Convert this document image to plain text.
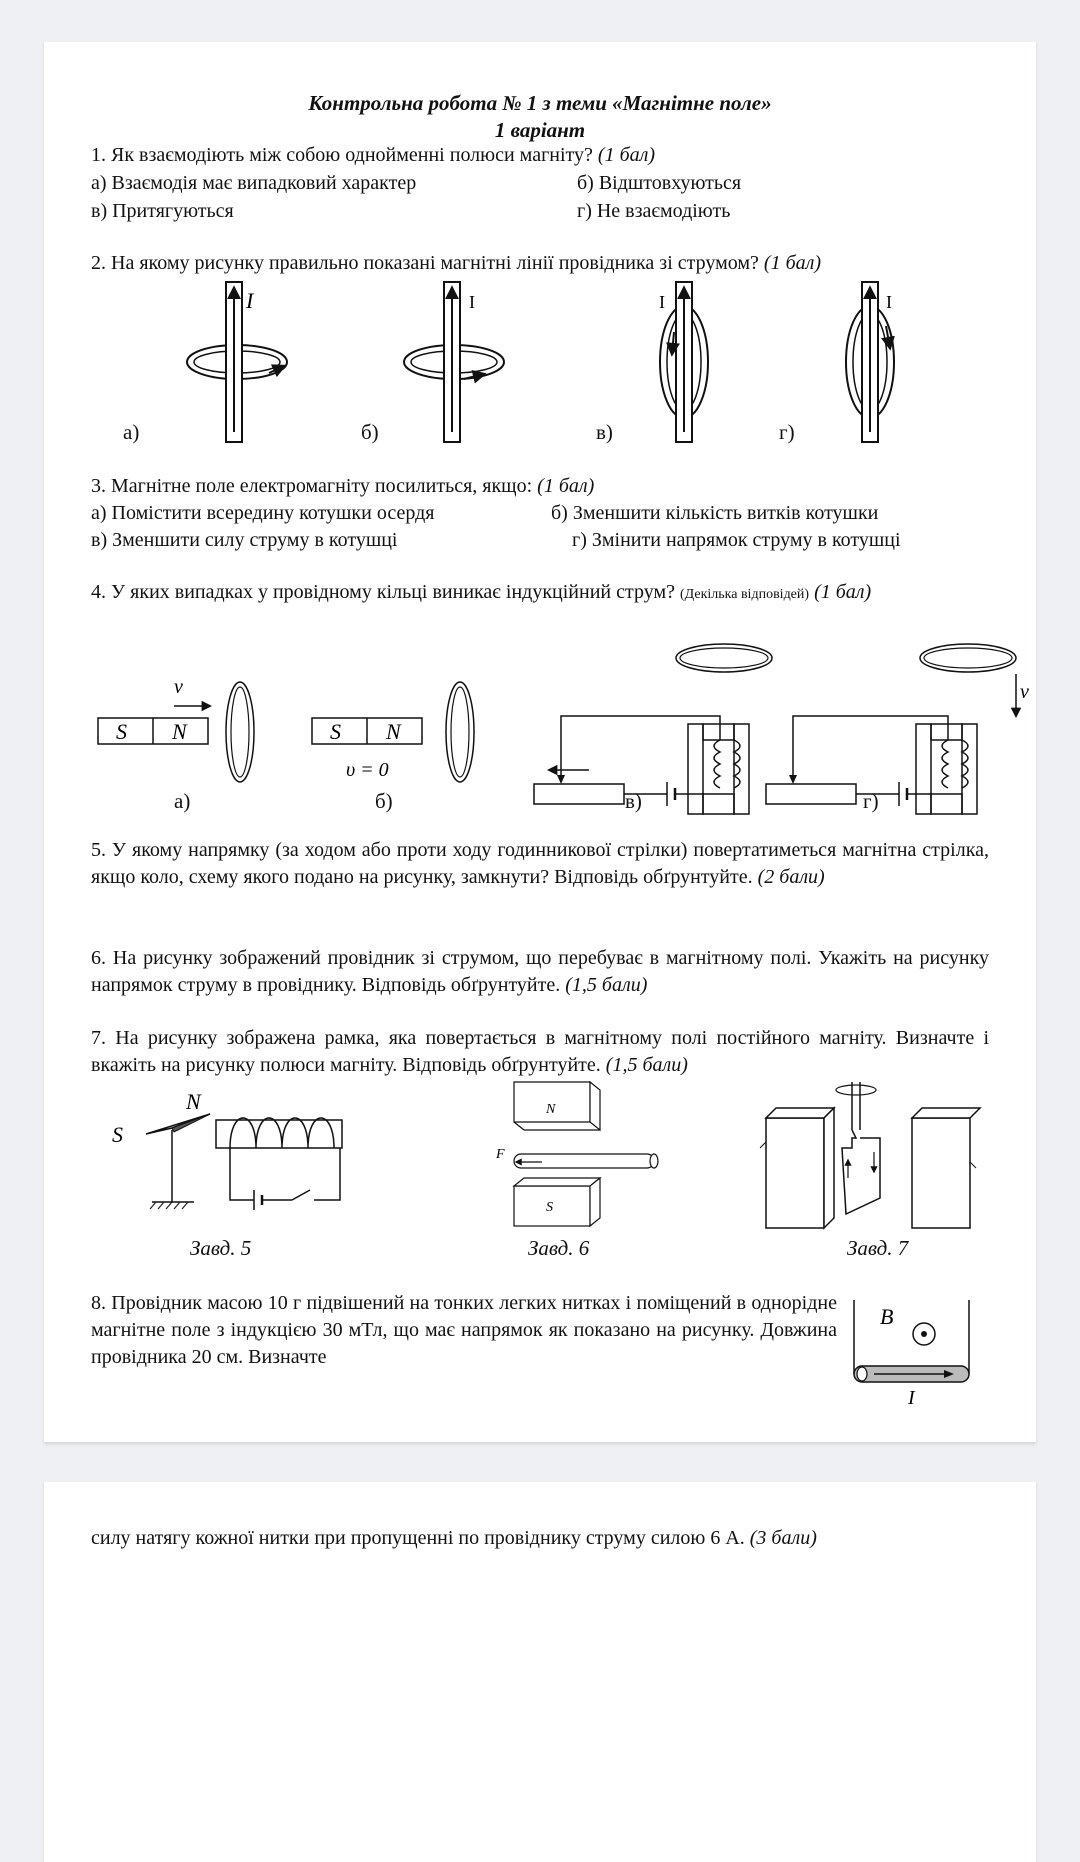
Контрольна робота № 1 з теми «Магнітне поле»
1 варіант
1. Як взаємодіють між собою однойменні полюси магніту? (1 бал)
а) Взаємодія має випадковий характер	б) Відштовхуються
в) Притягуються	г) Не взаємодіють
2. На якому рисунку правильно показані магнітні лінії провідника зі струмом? (1 бал)
I	I	I	I
а)	б)	в)	г)
3. Магнітне поле електромагніту посилиться, якщо: (1 бал)
а) Помістити всередину котушки осердя	б) Зменшити кількість витків котушки
в) Зменшити силу струму в котушці	г) Змінити напрямок струму в котушці
4. У яких випадках у провідному кільці виникає індукційний струм? (Декілька відповідей) (1 бал)
S N
v
S N
υ = 0
v
а)	б)	в)	г)
5. У якому напрямку (за ходом або проти ходу годинникової стрілки) повертатиметься магнітна стрілка, якщо коло, схему якого подано на рисунку, замкнути? Відповідь обґрунтуйте. (2 бали)
6. На рисунку зображений провідник зі струмом, що перебуває в магнітному полі. Укажіть на рисунку напрямок струму в провіднику. Відповідь обґрунтуйте. (1,5 бали)
7. На рисунку зображена рамка, яка повертається в магнітному полі постійного магніту. Визначте і вкажіть на рисунку полюси магніту. Відповідь обґрунтуйте. (1,5 бали)
N
S
N
F
S
Завд. 5	Завд. 6	Завд. 7
8. Провідник масою 10 г підвішений на тонких легких нитках і поміщений в однорідне магнітне поле з індукцією 30 мТл, що має напрямок як показано на рисунку. Довжина провідника 20 см. Визначте
B
I
силу натягу кожної нитки при пропущенні по провіднику струму силою 6 А. (3 бали)
